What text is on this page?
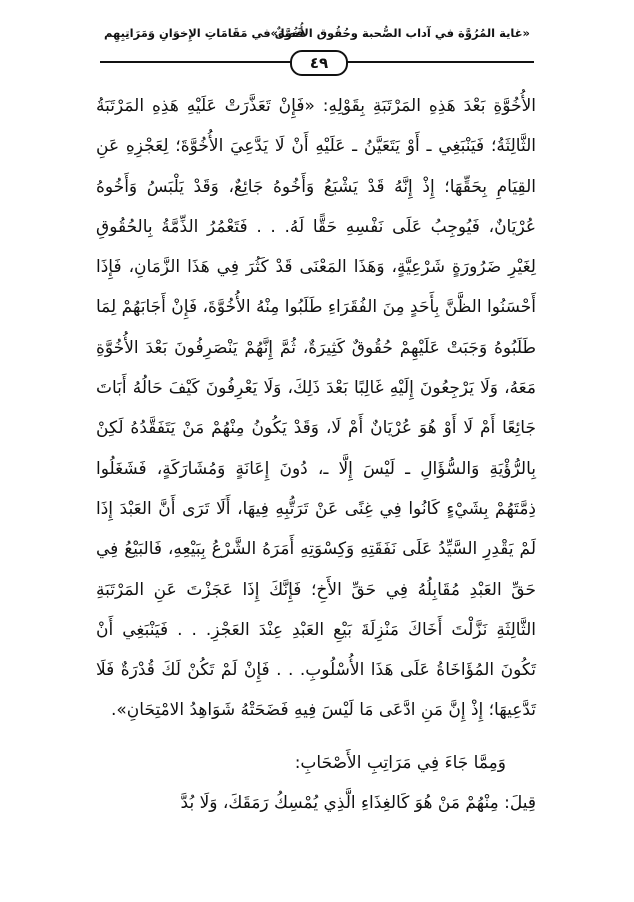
«غاية المُرُوَّة في آداب الصُّحبة وحُقُوق الأُخُوَّة»
فَصلٌ في مَقَامَاتِ الإِخوَانِ وَمَرَاتِبِهِم
٤٩

الأُخُوَّةِ بَعْدَ هَذِهِ المَرْتَبَةِ بِقَوْلِهِ: «فَإِنْ تَعَذَّرَتْ عَلَيْهِ هَذِهِ المَرْتَبَةُ الثَّالِثَةُ؛ فَيَنْبَغِي ـ أَوْ يَتَعَيَّنُ ـ عَلَيْهِ أَنْ لَا يَدَّعِيَ الأُخُوَّةَ؛ لِعَجْزِهِ عَنِ القِيَامِ بِحَقِّهَا؛ إِذْ إِنَّهُ قَدْ يَشْبَعُ وَأَخُوهُ جَائِعٌ، وَقَدْ يَلْبَسُ وَأَخُوهُ عُرْيَانٌ، فَيُوجِبُ عَلَى نَفْسِهِ حَقًّا لَهُ. . . فَتَعْمُرُ الذِّمَّةُ بِالحُقُوقِ لِغَيْرِ ضَرُورَةٍ شَرْعِيَّةٍ، وَهَذَا المَعْنَى قَدْ كَثُرَ فِي هَذَا الزَّمَانِ، فَإِذَا أَحْسَنُوا الظَّنَّ بِأَحَدٍ مِنَ الفُقَرَاءِ طَلَبُوا مِنْهُ الأُخُوَّةَ، فَإِنْ أَجَابَهُمْ لِمَا طَلَبُوهُ وَجَبَتْ عَلَيْهِمْ حُقُوقٌ كَثِيرَةٌ، ثُمَّ إِنَّهُمْ يَنْصَرِفُونَ بَعْدَ الأُخُوَّةِ مَعَهُ، وَلَا يَرْجِعُونَ إِلَيْهِ غَالِبًا بَعْدَ ذَلِكَ، وَلَا يَعْرِفُونَ كَيْفَ حَالُهُ أَبَاتَ جَائِعًا أَمْ لَا أَوْ هُوَ عُرْيَانٌ أَمْ لَا، وَقَدْ يَكُونُ مِنْهُمْ مَنْ يَتَفَقَّدُهُ لَكِنْ بِالرُّؤْيَةِ وَالسُّؤَالِ ـ لَيْسَ إِلَّا ـ، دُونَ إِعَانَةٍ وَمُشَارَكَةٍ، فَشَغَلُوا ذِمَّتَهُمْ بِشَيْءٍ كَانُوا فِي غِنًى عَنْ تَرَتُّبِهِ فِيهَا، أَلَا تَرَى أَنَّ العَبْدَ إِذَا لَمْ يَقْدِرِ السَّيِّدُ عَلَى نَفَقَتِهِ وَكِسْوَتِهِ أَمَرَهُ الشَّرْعُ بِبَيْعِهِ، فَالبَيْعُ فِي حَقِّ العَبْدِ مُقَابِلُهُ فِي حَقِّ الأَخِ؛ فَإِنَّكَ إِذَا عَجَزْتَ عَنِ المَرْتَبَةِ الثَّالِثَةِ نَزَّلْتَ أَخَاكَ مَنْزِلَةَ بَيْعِ العَبْدِ عِنْدَ العَجْزِ. . . فَيَنْبَغِي أَنْ تَكُونَ المُؤَاخَاةُ عَلَى هَذَا الأُسْلُوبِ. . . فَإِنْ لَمْ تَكُنْ لَكَ قُدْرَةٌ فَلَا تَدَّعِيهَا؛ إِذْ إِنَّ مَنِ ادَّعَى مَا لَيْسَ فِيهِ فَضَحَتْهُ شَوَاهِدُ الامْتِحَانِ».

وَمِمَّا جَاءَ فِي مَرَاتِبِ الأَصْحَابِ:

قِيلَ: مِنْهُمْ مَنْ هُوَ كَالغِذَاءِ الَّذِي يُمْسِكُ رَمَقَكَ، وَلَا بُدَّ
